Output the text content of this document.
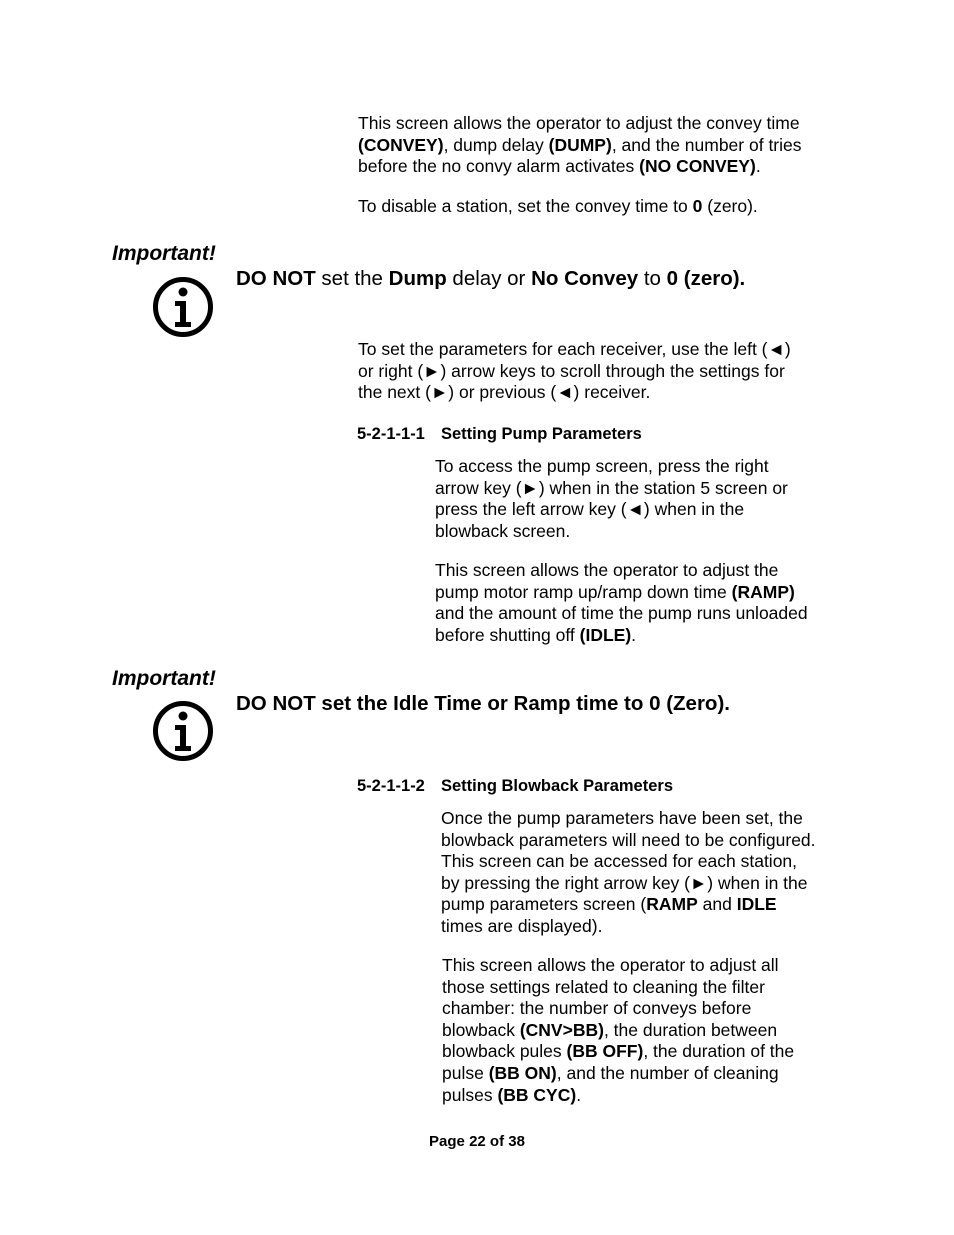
This screen allows the operator to adjust the convey time
(CONVEY), dump delay (DUMP), and the number of tries
before the no convy alarm activates (NO CONVEY).
To disable a station, set the convey time to 0 (zero).
Important!
DO NOT set the Dump delay or No Convey to 0 (zero).
To set the parameters for each receiver, use the left (◄)
or right (►) arrow keys to scroll through the settings for
the next (►) or previous (◄) receiver.
5-2-1-1-1 Setting Pump Parameters
To access the pump screen, press the right
arrow key (►) when in the station 5 screen or
press the left arrow key (◄) when in the
blowback screen.
This screen allows the operator to adjust the
pump motor ramp up/ramp down time (RAMP)
and the amount of time the pump runs unloaded
before shutting off (IDLE).
Important!
DO NOT set the Idle Time or Ramp time to 0 (Zero).
5-2-1-1-2 Setting Blowback Parameters
Once the pump parameters have been set, the
blowback parameters will need to be configured.
This screen can be accessed for each station,
by pressing the right arrow key (►) when in the
pump parameters screen (RAMP and IDLE
times are displayed).
This screen allows the operator to adjust all
those settings related to cleaning the filter
chamber: the number of conveys before
blowback (CNV>BB), the duration between
blowback pules (BB OFF), the duration of the
pulse (BB ON), and the number of cleaning
pulses (BB CYC).
Page 22 of 38
